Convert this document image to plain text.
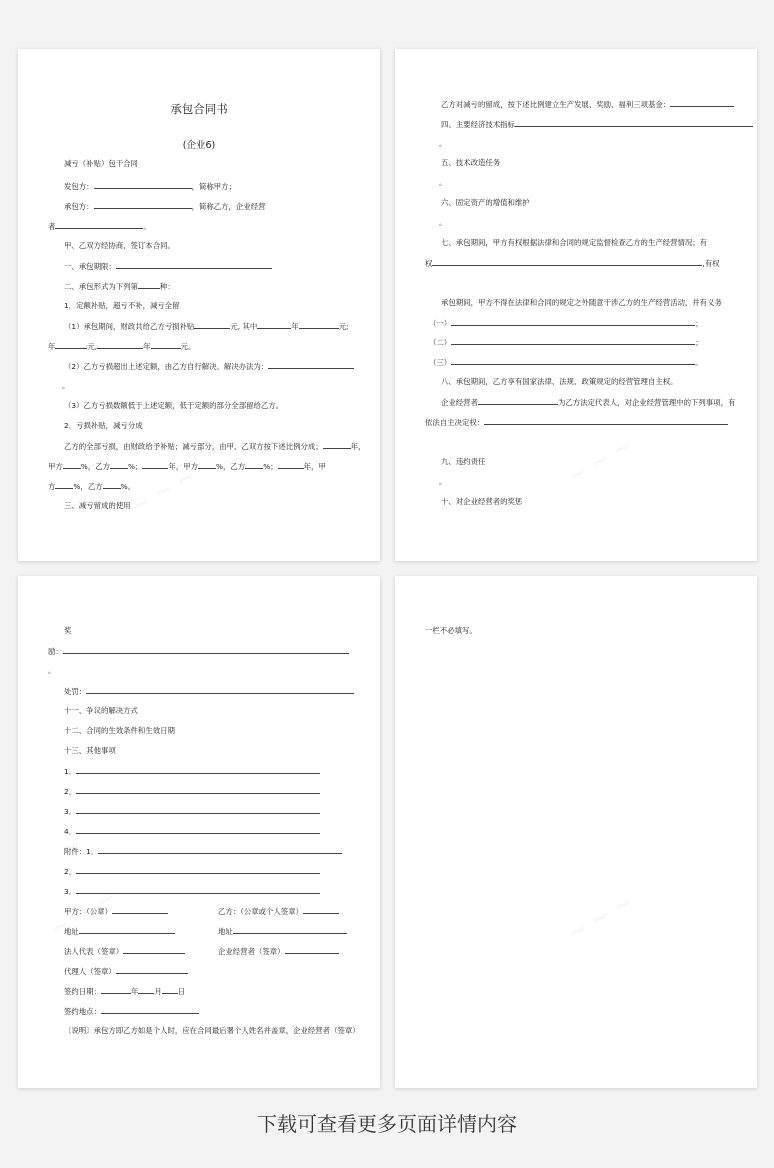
承包合同书
(企业6)
减亏（补贴）包干合同
发包方：	，简称甲方；
承包方：	，简称乙方，企业经营
者	。
甲、乙双方经协商，签订本合同。
一、承包期限：
二、承包形式为下列第	种：
1．定额补贴，超亏不补，减亏全留
（1）承包期间，财政共给乙方亏损补贴	元, 其中	年	元;
年	元,	年	元。
（2）乙方亏损超出上述定额，由乙方自行解决。解决办法为：
。
（3）乙方亏损数额低于上述定额，低于定额的部分全部留给乙方。
2．亏损补贴，减亏分成
乙方的全部亏损，由财政给予补贴；减亏部分，由甲、乙双方按下述比例分成；	年，
甲方 %，乙方 %；	年，甲方 %，乙方 %；	年，甲
方 %，乙方 %。
三、减亏留成的使用
乙方对减亏的留成，按下述比例建立生产发展、奖励、福利三项基金：
四、主要经济技术指标
。
五、技术改造任务
。
六、固定资产的增值和维护
。
七、承包期间，甲方有权根据法律和合同的规定监督检查乙方的生产经营情况；有
权	,有权
承包期间，甲方不得在法律和合同的规定之外随意干涉乙方的生产经营活动，并有义务
（一）	；
（二）	；
（三）	。
八、承包期间，乙方享有国家法律、法规、政策规定的经营管理自主权。
企业经营者	为乙方法定代表人，对企业经营管理中的下列事项，有
依法自主决定权：
九、违约责任
。
十、对企业经营者的奖惩
奖
励：
。
处罚：
十一、争议的解决方式
十二、合同的生效条件和生效日期
十三、其他事项
1．
2．
3．
4．
附件：1．
2．
3．
甲方：（公章）	乙方：（公章或个人签章）
地址	地址
法人代表（签章）	企业经营者（签章）
代理人（签章）
签约日期：	年 月 日
签约地点：
〔说明〕承包方即乙方如是个人时，应在合同最后署个人姓名并盖章，企业经营者（签章）
一栏不必填写。
下载可查看更多页面详情内容
